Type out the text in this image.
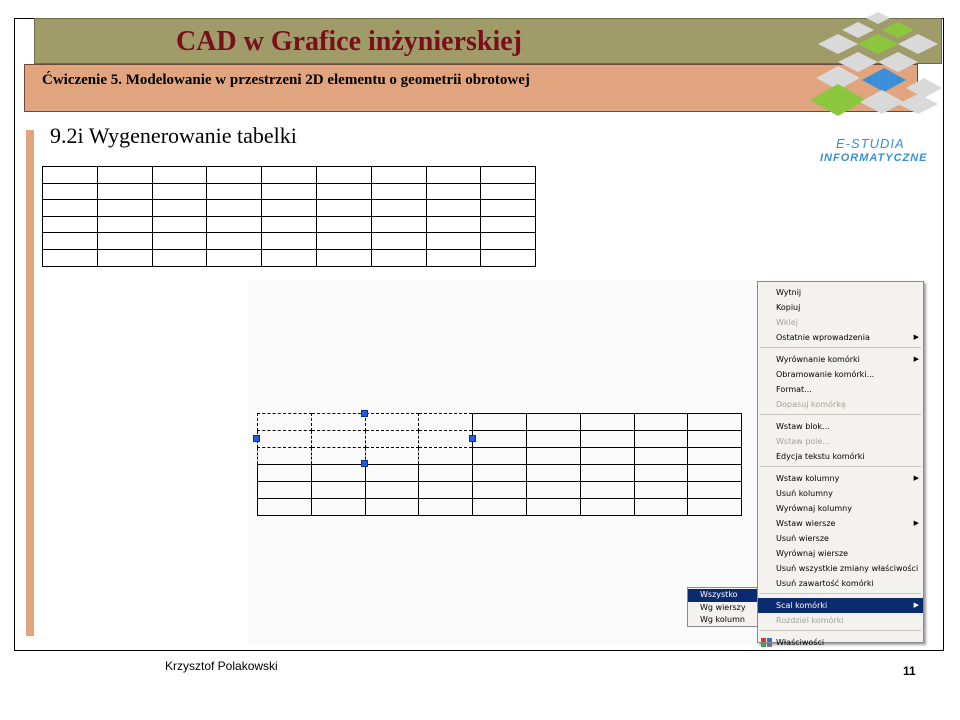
CAD w Grafice inżynierskiej
Ćwiczenie 5. Modelowanie w przestrzeni 2D elementu o geometrii obrotowej
E-STUDIA
INFORMATYCZNE
9.2i Wygenerowanie tabelki

Wytnij
Kopiuj
Wklej
Ostatnie wprowadzenia	▶
Wyrównanie komórki	▶
Obramowanie komórki...
Format...
Dopasuj komórkę
Wstaw blok...
Wstaw pole...
Edycja tekstu komórki
Wstaw kolumny	▶
Usuń kolumny
Wyrównaj kolumny
Wstaw wiersze	▶
Usuń wiersze
Wyrównaj wiersze
Usuń wszystkie zmiany właściwości
Usuń zawartość komórki
Scal komórki	▶
Rozdziel komórki
Właściwości
Wszystko
Wg wierszy
Wg kolumn
Krzysztof Polakowski	11
